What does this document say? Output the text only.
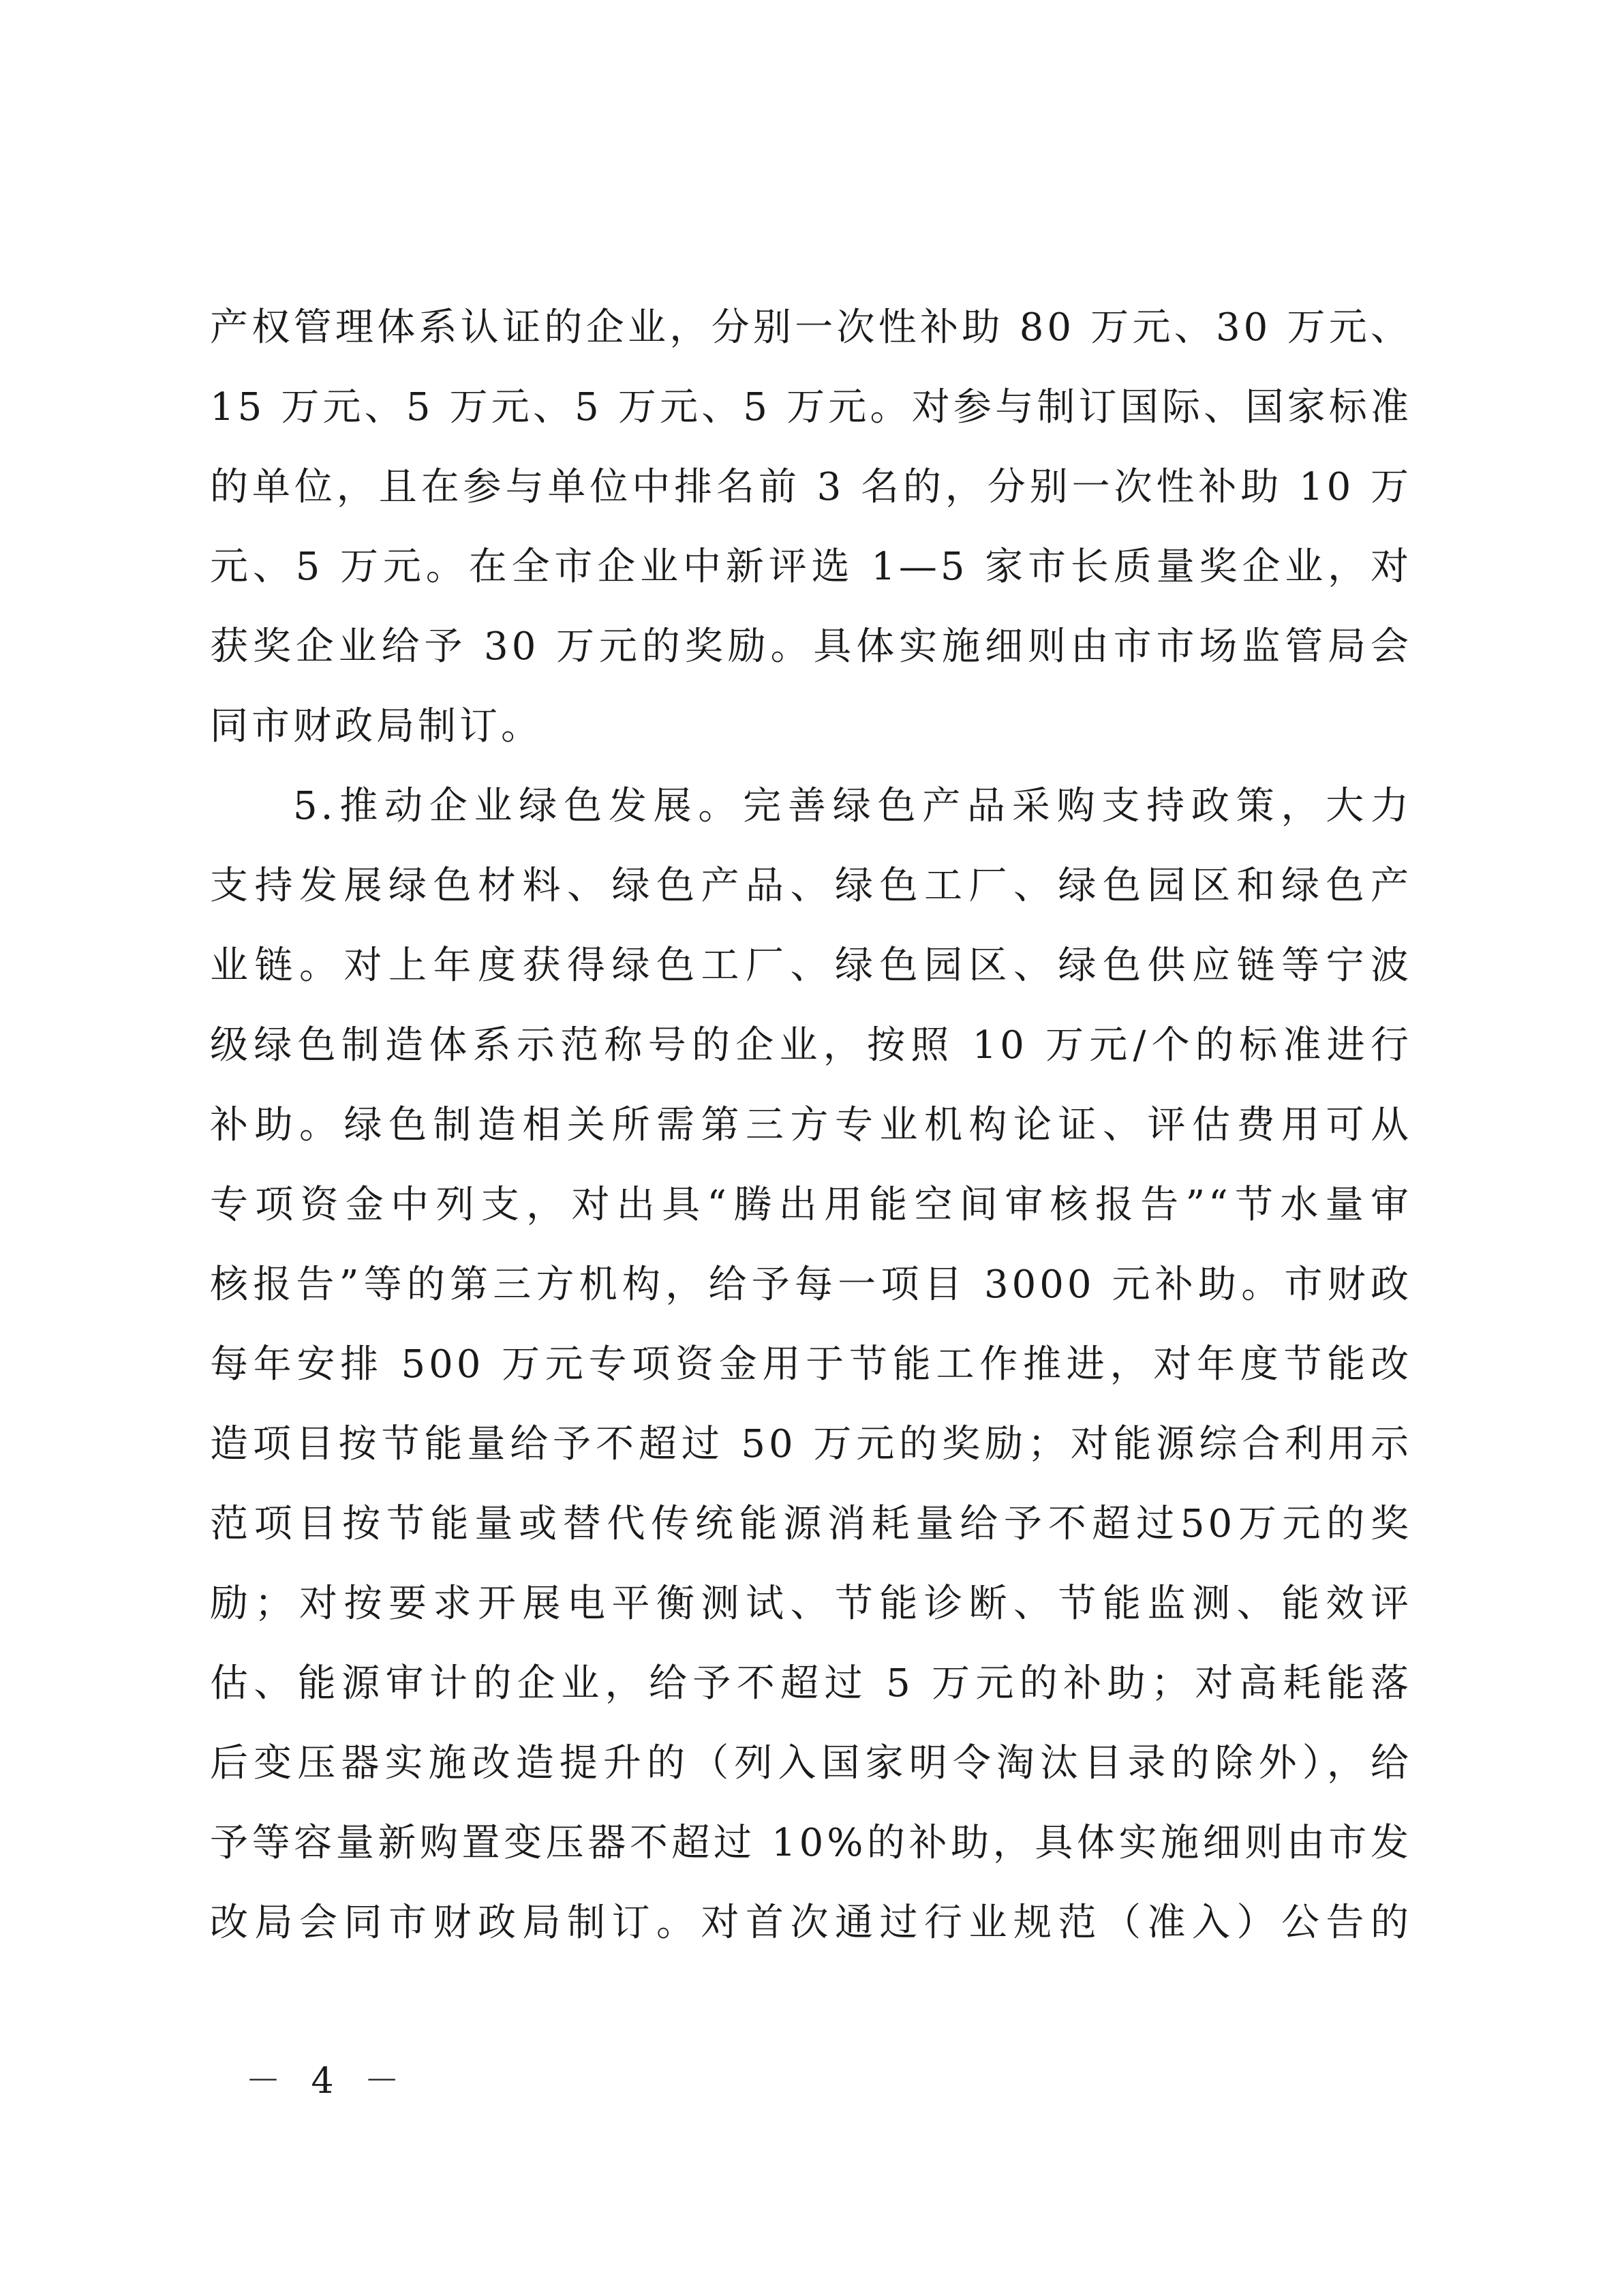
产权管理体系认证的企业，分别一次性补助 80 万元、30 万元、
15 万元、5 万元、5 万元、5 万元。对参与制订国际、国家标准
的单位，且在参与单位中排名前 3 名的，分别一次性补助 10 万
元、5 万元。在全市企业中新评选 1—5 家市长质量奖企业，对
获奖企业给予 30 万元的奖励。具体实施细则由市市场监管局会
同市财政局制订。
5.推动企业绿色发展。完善绿色产品采购支持政策，大力
支持发展绿色材料、绿色产品、绿色工厂、绿色园区和绿色产
业链。对上年度获得绿色工厂、绿色园区、绿色供应链等宁波
级绿色制造体系示范称号的企业，按照 10 万元/个的标准进行
补助。绿色制造相关所需第三方专业机构论证、评估费用可从
专项资金中列支，对出具“腾出用能空间审核报告”“节水量审
核报告”等的第三方机构，给予每一项目 3000 元补助。市财政
每年安排 500 万元专项资金用于节能工作推进，对年度节能改
造项目按节能量给予不超过 50 万元的奖励；对能源综合利用示
范项目按节能量或替代传统能源消耗量给予不超过50万元的奖
励；对按要求开展电平衡测试、节能诊断、节能监测、能效评
估、能源审计的企业，给予不超过 5 万元的补助；对高耗能落
后变压器实施改造提升的（列入国家明令淘汰目录的除外），给
予等容量新购置变压器不超过 10%的补助，具体实施细则由市发
改局会同市财政局制订。对首次通过行业规范（准入）公告的
－ 4 －
